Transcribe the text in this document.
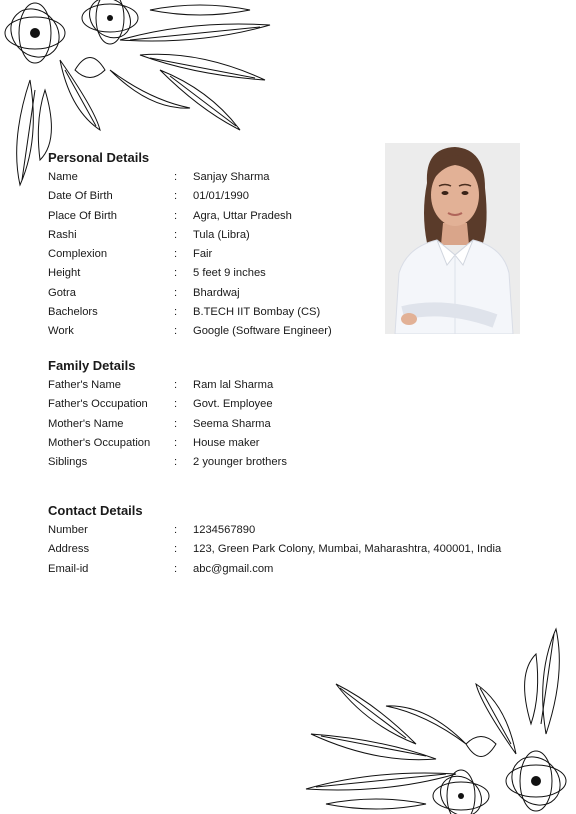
Personal Details
Name	: Sanjay Sharma
Date Of Birth	: 01/01/1990
Place Of Birth	: Agra, Uttar Pradesh
Rashi	: Tula (Libra)
Complexion	: Fair
Height	: 5 feet 9 inches
Gotra	: Bhardwaj
Bachelors	: B.TECH IIT Bombay (CS)
Work	: Google (Software Engineer)
Family Details
Father's Name	: Ram lal Sharma
Father's Occupation : Govt. Employee
Mother's Name	: Seema Sharma
Mother's Occupation : House maker
Siblings	: 2 younger brothers
Contact Details
Number	: 1234567890
Address	: 123, Green Park Colony, Mumbai, Maharashtra, 400001, India
Email-id	: abc@gmail.com
